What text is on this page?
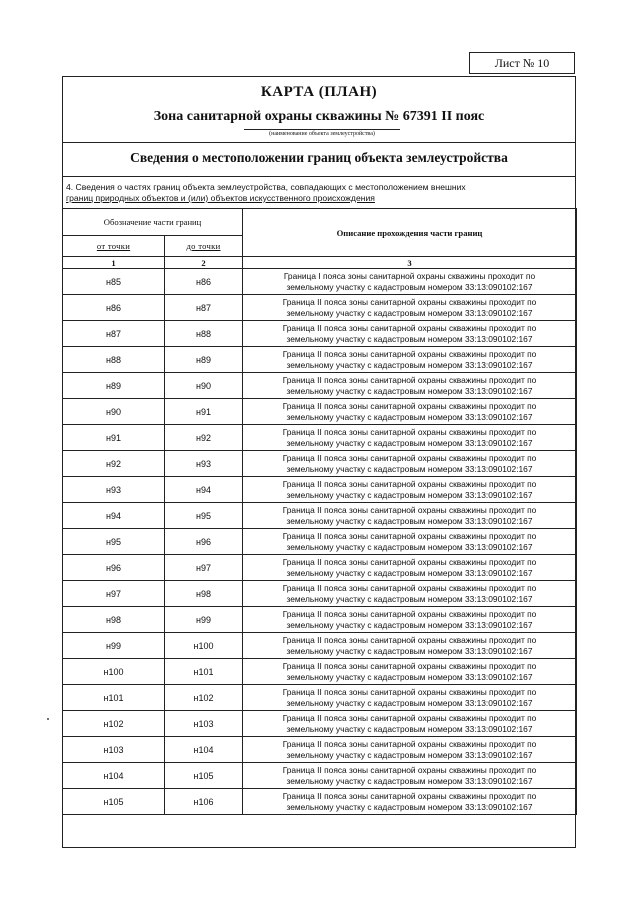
Лист № 10
КАРТА (ПЛАН)
Зона санитарной охраны скважины № 67391 II пояс
(наименование объекта землеустройства)
Сведения о местоположении границ объекта землеустройства
4. Сведения о частях границ объекта землеустройства, совпадающих с местоположением внешних
границ природных объектов и (или) объектов искусственного происхождения
Обозначение части границ		Описание прохождения части границ
от точки	до точки	
1	2	3
н85	н86	Граница I пояса зоны санитарной охраны скважины проходит по
земельному участку с кадастровым номером 33:13:090102:167

н86	н87	Граница II пояса зоны санитарной охраны скважины проходит по
земельному участку с кадастровым номером 33:13:090102:167

н87	н88	Граница II пояса зоны санитарной охраны скважины проходит по
земельному участку с кадастровым номером 33:13:090102:167

н88	н89	Граница II пояса зоны санитарной охраны скважины проходит по
земельному участку с кадастровым номером 33:13:090102:167

н89	н90	Граница II пояса зоны санитарной охраны скважины проходит по
земельному участку с кадастровым номером 33:13:090102:167

н90	н91	Граница II пояса зоны санитарной охраны скважины проходит по
земельному участку с кадастровым номером 33:13:090102:167

н91	н92	Граница II пояса зоны санитарной охраны скважины проходит по
земельному участку с кадастровым номером 33:13:090102:167

н92	н93	Граница II пояса зоны санитарной охраны скважины проходит по
земельному участку с кадастровым номером 33:13:090102:167

н93	н94	Граница II пояса зоны санитарной охраны скважины проходит по
земельному участку с кадастровым номером 33:13:090102:167

н94	н95	Граница II пояса зоны санитарной охраны скважины проходит по
земельному участку с кадастровым номером 33:13:090102:167

н95	н96	Граница II пояса зоны санитарной охраны скважины проходит по
земельному участку с кадастровым номером 33:13:090102:167

н96	н97	Граница II пояса зоны санитарной охраны скважины проходит по
земельному участку с кадастровым номером 33:13:090102:167

н97	н98	Граница II пояса зоны санитарной охраны скважины проходит по
земельному участку с кадастровым номером 33:13:090102:167

н98	н99	Граница II пояса зоны санитарной охраны скважины проходит по
земельному участку с кадастровым номером 33:13:090102:167

н99	н100	Граница II пояса зоны санитарной охраны скважины проходит по
земельному участку с кадастровым номером 33:13:090102:167

н100	н101	Граница II пояса зоны санитарной охраны скважины проходит по
земельному участку с кадастровым номером 33:13:090102:167

н101	н102	Граница II пояса зоны санитарной охраны скважины проходит по
земельному участку с кадастровым номером 33:13:090102:167

н102	н103	Граница II пояса зоны санитарной охраны скважины проходит по
земельному участку с кадастровым номером 33:13:090102:167

н103	н104	Граница II пояса зоны санитарной охраны скважины проходит по
земельному участку с кадастровым номером 33:13:090102:167

н104	н105	Граница II пояса зоны санитарной охраны скважины проходит по
земельному участку с кадастровым номером 33:13:090102:167

н105	н106	Граница II пояса зоны санитарной охраны скважины проходит по
земельному участку с кадастровым номером 33:13:090102:167
